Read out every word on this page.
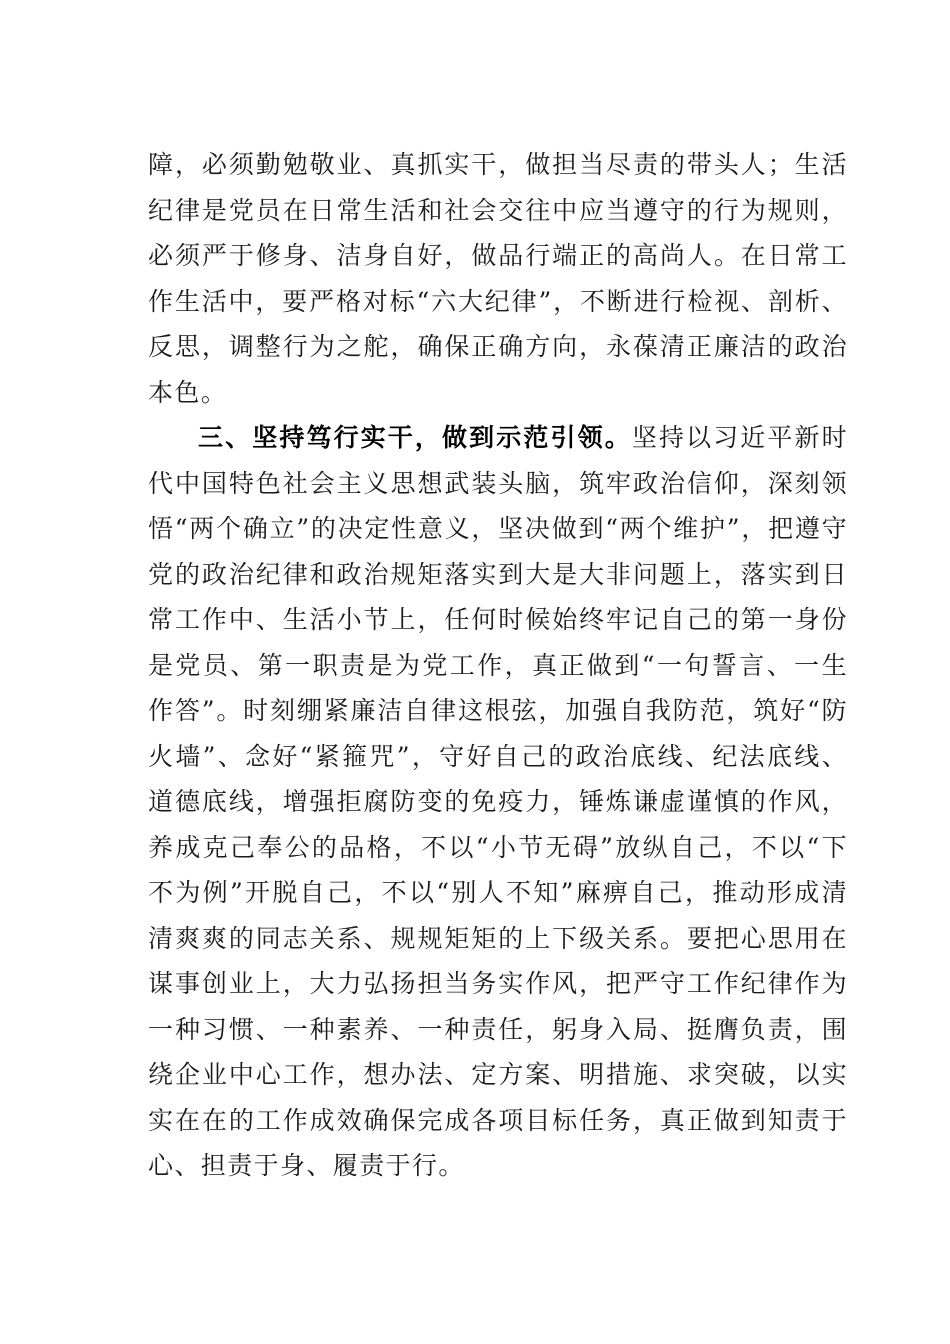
障，必须勤勉敬业、真抓实干，做担当尽责的带头人；生活纪律是党员在日常生活和社会交往中应当遵守的行为规则，必须严于修身、洁身自好，做品行端正的高尚人。在日常工作生活中，要严格对标“六大纪律”，不断进行检视、剖析、反思，调整行为之舵，确保正确方向，永葆清正廉洁的政治本色。

三、坚持笃行实干，做到示范引领。坚持以习近平新时代中国特色社会主义思想武装头脑，筑牢政治信仰，深刻领悟“两个确立”的决定性意义，坚决做到“两个维护”，把遵守党的政治纪律和政治规矩落实到大是大非问题上，落实到日常工作中、生活小节上，任何时候始终牢记自己的第一身份是党员、第一职责是为党工作，真正做到“一句誓言、一生作答”。时刻绷紧廉洁自律这根弦，加强自我防范，筑好“防火墙”、念好“紧箍咒”，守好自己的政治底线、纪法底线、道德底线，增强拒腐防变的免疫力，锤炼谦虚谨慎的作风，养成克己奉公的品格，不以“小节无碍”放纵自己，不以“下不为例”开脱自己，不以“别人不知”麻痹自己，推动形成清清爽爽的同志关系、规规矩矩的上下级关系。要把心思用在谋事创业上，大力弘扬担当务实作风，把严守工作纪律作为一种习惯、一种素养、一种责任，躬身入局、挺膺负责，围绕企业中心工作，想办法、定方案、明措施、求突破，以实实在在的工作成效确保完成各项目标任务，真正做到知责于心、担责于身、履责于行。
